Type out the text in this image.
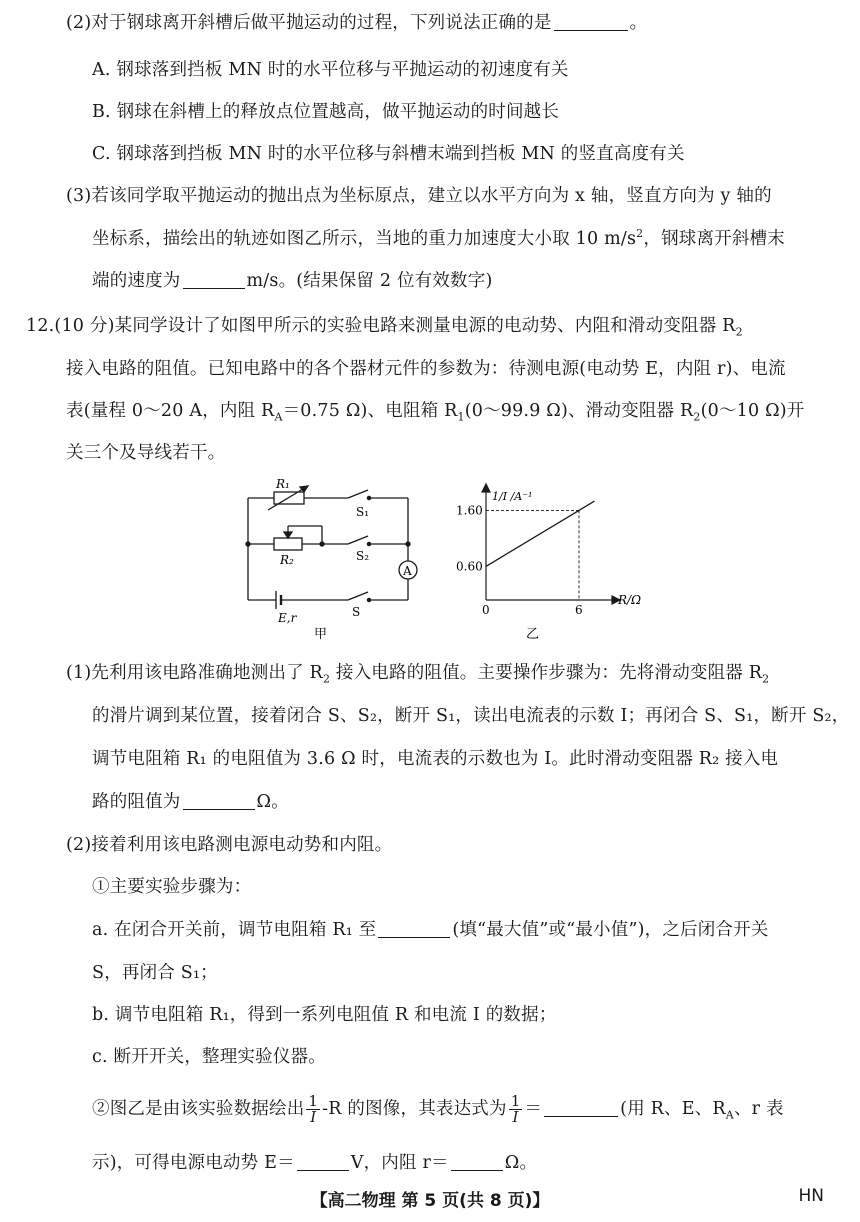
(2)对于钢球离开斜槽后做平抛运动的过程，下列说法正确的是	。
A. 钢球落到挡板 MN 时的水平位移与平抛运动的初速度有关
B. 钢球在斜槽上的释放点位置越高，做平抛运动的时间越长
C. 钢球落到挡板 MN 时的水平位移与斜槽末端到挡板 MN 的竖直高度有关
(3)若该同学取平抛运动的抛出点为坐标原点，建立以水平方向为 x 轴，竖直方向为 y 轴的
坐标系，描绘出的轨迹如图乙所示，当地的重力加速度大小取 10 $m/s^2$，钢球离开斜槽末
端的速度为	m/s。(结果保留 2 位有效数字)
12.(10 分)某同学设计了如图甲所示的实验电路来测量电源的电动势、内阻和滑动变阻器 $R_2$
接入电路的阻值。已知电路中的各个器材元件的参数为：待测电源(电动势 E，内阻 r)、电流
表(量程 0～20 A，内阻 $R_A=0.75$ Ω)、电阻箱 $R_1(0\sim 99.9$ Ω)、滑动变阻器 $R_2(0\sim 10$ Ω)开
关三个及导线若干。
R₁
S₁
R₂	S₂
A
E,r	S
甲
1.60
0.60
0	6
1/I /A⁻¹
R/Ω
乙
(1)先利用该电路准确地测出了 $R_2$ 接入电路的阻值。主要操作步骤为：先将滑动变阻器 $R_2$
的滑片调到某位置，接着闭合 S、S₂，断开 S₁，读出电流表的示数 I；再闭合 S、S₁，断开 S₂，
调节电阻箱 R₁ 的电阻值为 3.6 Ω 时，电流表的示数也为 I。此时滑动变阻器 R₂ 接入电
路的阻值为	Ω。
(2)接着利用该电路测电源电动势和内阻。
①主要实验步骤为：
a. 在闭合开关前，调节电阻箱 R₁ 至	(填“最大值”或“最小值”)，之后闭合开关
S，再闭合 S₁；
b. 调节电阻箱 R₁，得到一系列电阻值 R 和电流 I 的数据；
c. 断开开关，整理实验仪器。
②图乙是由该实验数据绘出 $\frac{1}{I} -R$ 的图像，其表达式为 $\frac{1}{I}$ ＝	(用 R、E、$R_A$、r 表
示)，可得电源电动势 E＝	V，内阻 r＝	Ω。
【高二物理 第 5 页(共 8 页)】	HN
